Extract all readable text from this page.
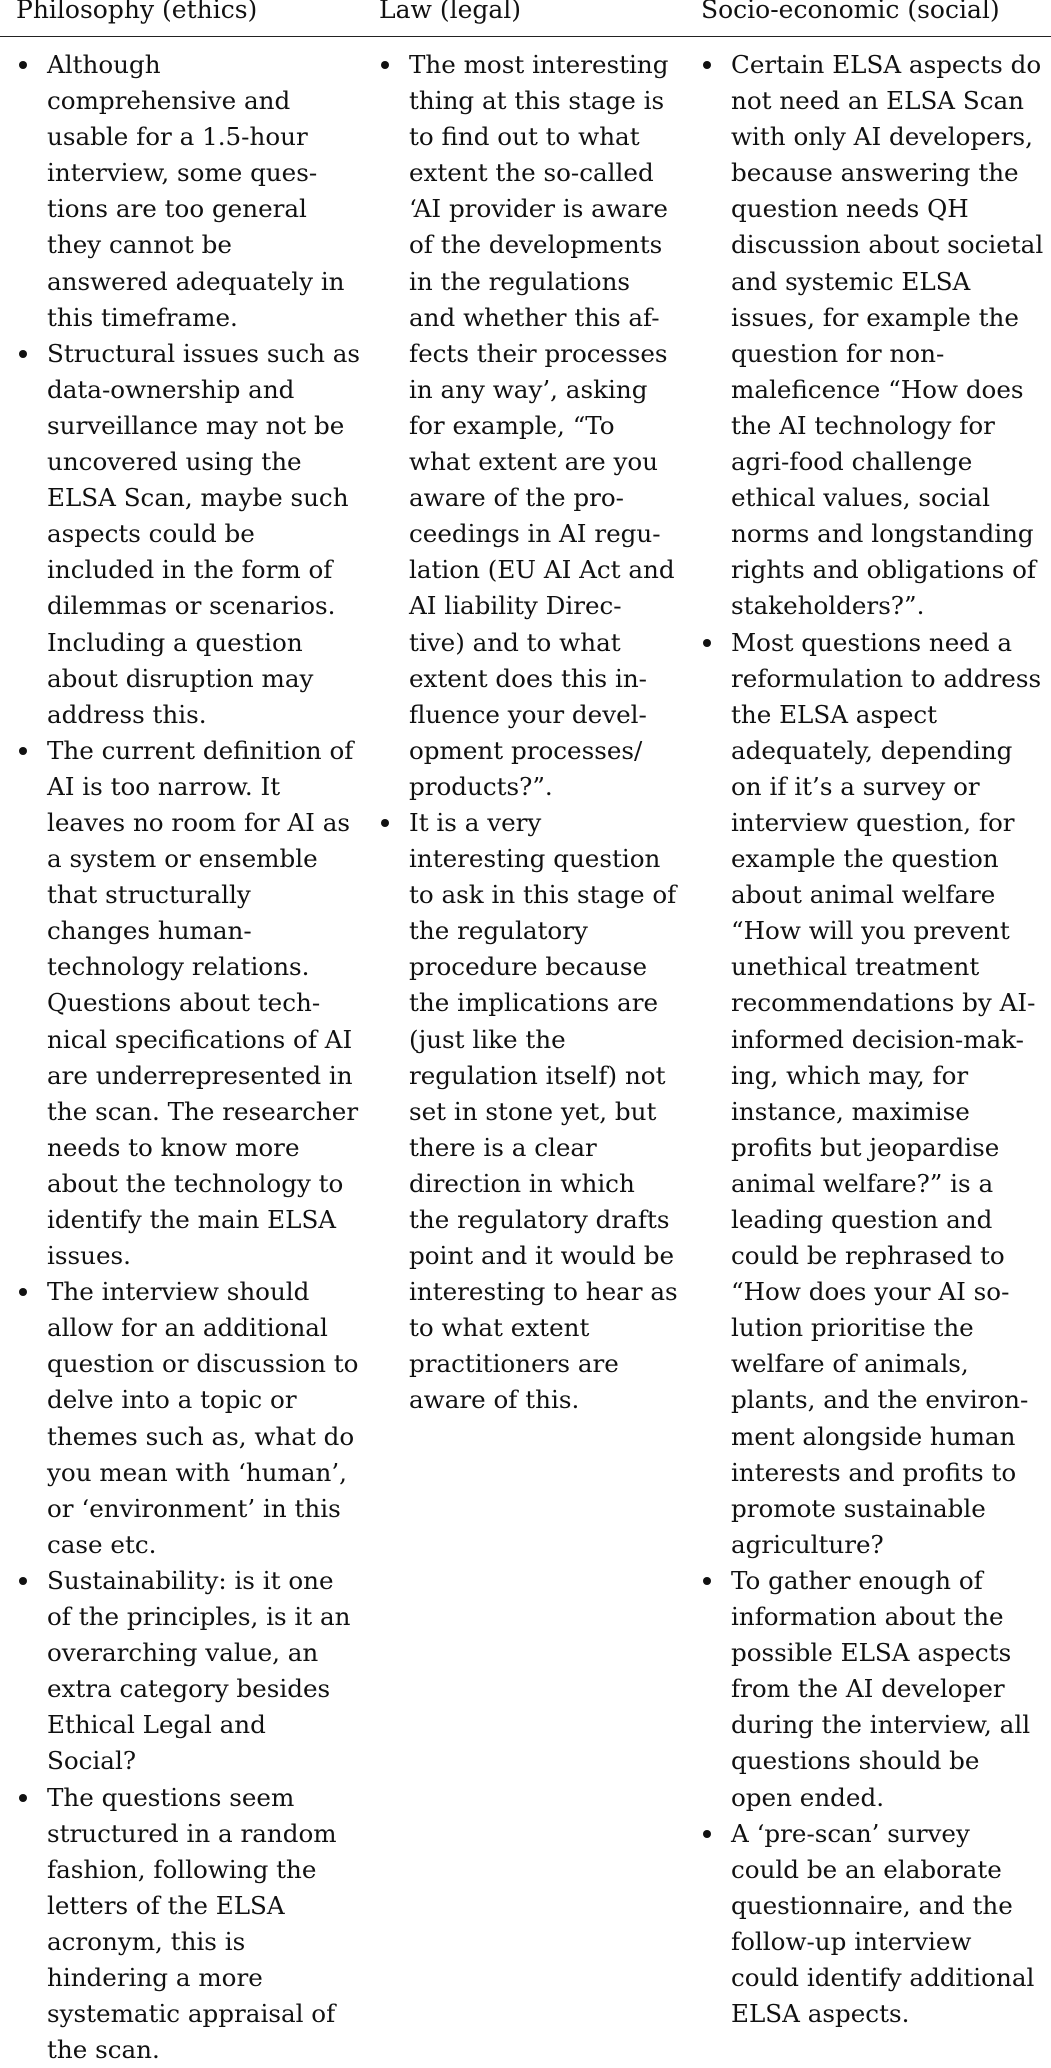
Philosophy (ethics)	Law (legal)	Socio-economic (social)
Although
comprehensive and
usable for a 1.5-hour
interview, some ques-
tions are too general
they cannot be
answered adequately in
this timeframe.
Structural issues such as
data-ownership and
surveillance may not be
uncovered using the
ELSA Scan, maybe such
aspects could be
included in the form of
dilemmas or scenarios.
Including a question
about disruption may
address this.
The current definition of
AI is too narrow. It
leaves no room for AI as
a system or ensemble
that structurally
changes human-
technology relations.
Questions about tech-
nical specifications of AI
are underrepresented in
the scan. The researcher
needs to know more
about the technology to
identify the main ELSA
issues.
The interview should
allow for an additional
question or discussion to
delve into a topic or
themes such as, what do
you mean with ‘human’,
or ‘environment’ in this
case etc.
Sustainability: is it one
of the principles, is it an
overarching value, an
extra category besides
Ethical Legal and
Social?
The questions seem
structured in a random
fashion, following the
letters of the ELSA
acronym, this is
hindering a more
systematic appraisal of
the scan.
The most interesting
thing at this stage is
to find out to what
extent the so-called
‘AI provider is aware
of the developments
in the regulations
and whether this af-
fects their processes
in any way’, asking
for example, “To
what extent are you
aware of the pro-
ceedings in AI regu-
lation (EU AI Act and
AI liability Direc-
tive) and to what
extent does this in-
fluence your devel-
opment processes/
products?”.
It is a very
interesting question
to ask in this stage of
the regulatory
procedure because
the implications are
(just like the
regulation itself) not
set in stone yet, but
there is a clear
direction in which
the regulatory drafts
point and it would be
interesting to hear as
to what extent
practitioners are
aware of this.
Certain ELSA aspects do
not need an ELSA Scan
with only AI developers,
because answering the
question needs QH
discussion about societal
and systemic ELSA
issues, for example the
question for non-
maleficence “How does
the AI technology for
agri-food challenge
ethical values, social
norms and longstanding
rights and obligations of
stakeholders?”.
Most questions need a
reformulation to address
the ELSA aspect
adequately, depending
on if it’s a survey or
interview question, for
example the question
about animal welfare
“How will you prevent
unethical treatment
recommendations by AI-
informed decision-mak-
ing, which may, for
instance, maximise
profits but jeopardise
animal welfare?” is a
leading question and
could be rephrased to
“How does your AI so-
lution prioritise the
welfare of animals,
plants, and the environ-
ment alongside human
interests and profits to
promote sustainable
agriculture?
To gather enough of
information about the
possible ELSA aspects
from the AI developer
during the interview, all
questions should be
open ended.
A ‘pre-scan’ survey
could be an elaborate
questionnaire, and the
follow-up interview
could identify additional
ELSA aspects.
